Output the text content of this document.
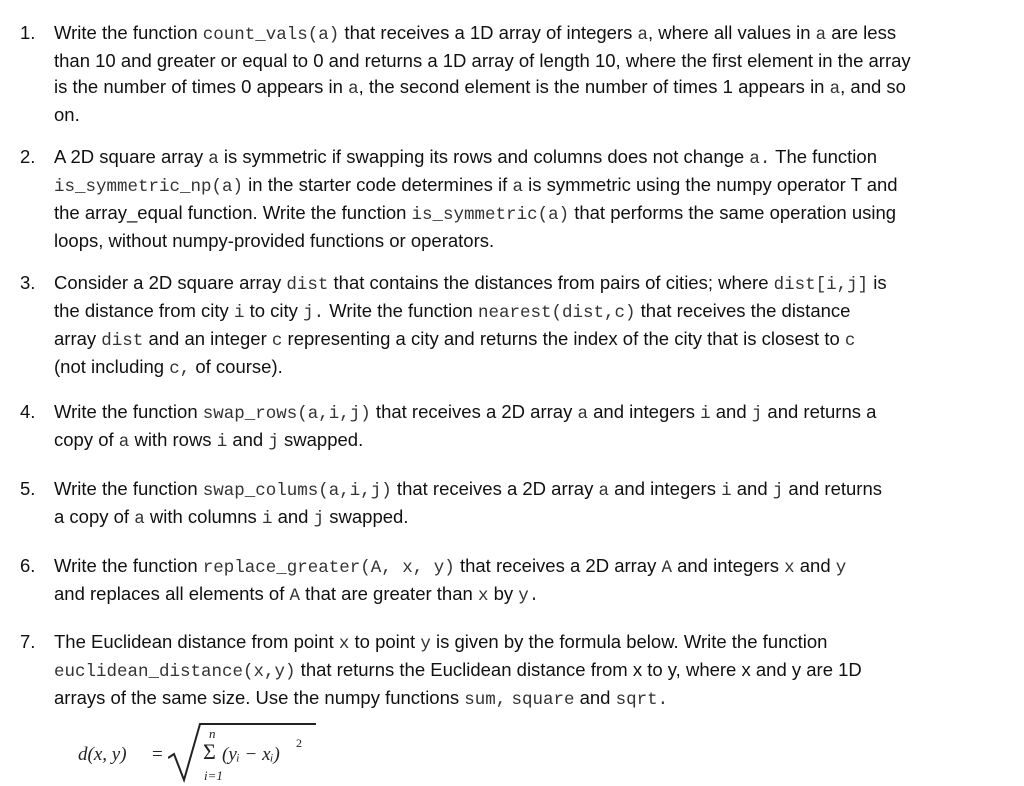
1. Write the function count_vals(a) that receives a 1D array of integers a, where all values in a are less
than 10 and greater or equal to 0 and returns a 1D array of length 10, where the first element in the array
is the number of times 0 appears in a, the second element is the number of times 1 appears in a, and so
on.
2. A 2D square array a is symmetric if swapping its rows and columns does not change a. The function
is_symmetric_np(a) in the starter code determines if a is symmetric using the numpy operator T and
the array_equal function. Write the function is_symmetric(a) that performs the same operation using
loops, without numpy-provided functions or operators.
3. Consider a 2D square array dist that contains the distances from pairs of cities; where dist[i,j] is
the distance from city i to city j. Write the function nearest(dist,c) that receives the distance
array dist and an integer c representing a city and returns the index of the city that is closest to c
(not including c, of course).
4. Write the function swap_rows(a,i,j) that receives a 2D array a and integers i and j and returns a
copy of a with rows i and j swapped.
5. Write the function swap_colums(a,i,j) that receives a 2D array a and integers i and j and returns
a copy of a with columns i and j swapped.
6. Write the function replace_greater(A, x, y) that receives a 2D array A and integers x and y
and replaces all elements of A that are greater than x by y.
7. The Euclidean distance from point x to point y is given by the formula below. Write the function
euclidean_distance(x,y) that returns the Euclidean distance from x to y, where x and y are 1D
arrays of the same size. Use the numpy functions sum, square and sqrt.
d(x, y) =
n
Σ (yᵢ − xᵢ)
2
i=1
